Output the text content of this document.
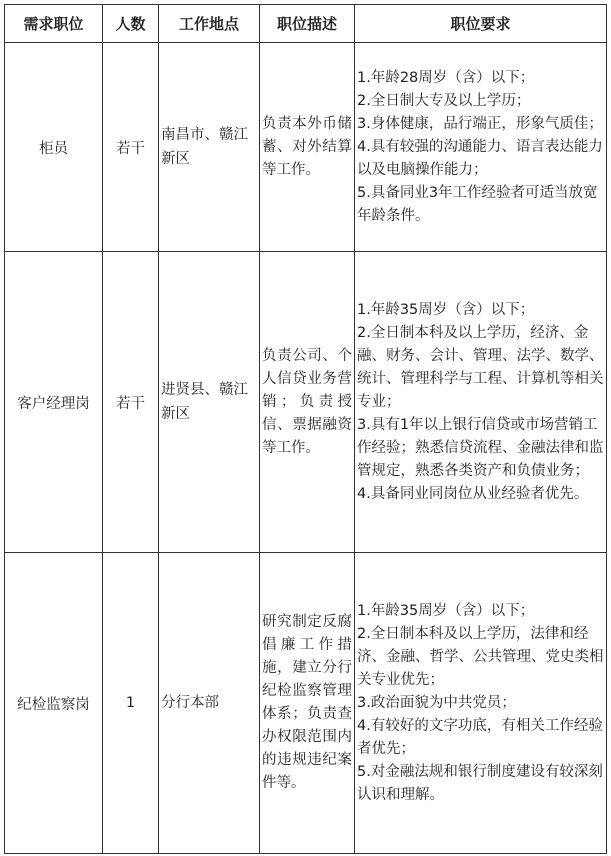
需求职位	人数	工作地点	职位描述	职位要求
柜员	若干	南昌市、赣江新区	负责本外币储蓄、对外结算等工作。	1.年龄28周岁（含）以下；
2.全日制大专及以上学历；
3.身体健康，品行端正，形象气质佳；
4.具有较强的沟通能力、语言表达能力以及电脑操作能力；
5.具备同业3年工作经验者可适当放宽年龄条件。

客户经理岗	若干	进贤县、赣江新区	负责公司、个人信贷业务营销；负责授信、票据融资等工作。	1.年龄35周岁（含）以下；
2.全日制本科及以上学历，经济、金融、财务、会计、管理、法学、数学、统计、管理科学与工程、计算机等相关专业；
3.具有1年以上银行信贷或市场营销工作经验；熟悉信贷流程、金融法律和监管规定，熟悉各类资产和负债业务；
4.具备同业同岗位从业经验者优先。

纪检监察岗	1	分行本部	研究制定反腐倡廉工作措施，建立分行纪检监察管理体系；负责查办权限范围内的违规违纪案件等。	1.年龄35周岁（含）以下；
2.全日制本科及以上学历，法律和经济、金融、哲学、公共管理、党史类相关专业优先；
3.政治面貌为中共党员；
4.有较好的文字功底，有相关工作经验者优先；
5.对金融法规和银行制度建设有较深刻认识和理解。
